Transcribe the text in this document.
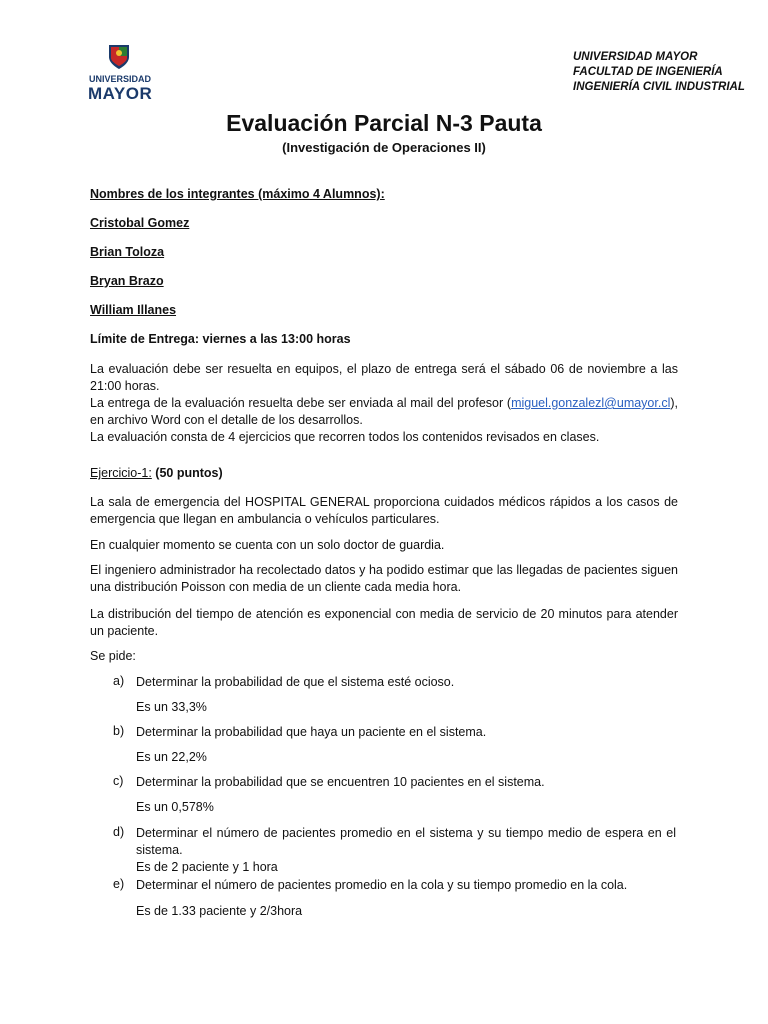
UNIVERSIDAD
MAYOR
UNIVERSIDAD MAYOR
FACULTAD DE INGENIERÍA
INGENIERÍA CIVIL INDUSTRIAL
Evaluación Parcial N-3 Pauta
(Investigación de Operaciones II)
Nombres de los integrantes (máximo 4 Alumnos):
Cristobal Gomez
Brian Toloza
Bryan Brazo
William Illanes
Límite de Entrega: viernes a las 13:00 horas
La evaluación debe ser resuelta en equipos, el plazo de entrega será el sábado 06 de noviembre a las 21:00 horas.
La entrega de la evaluación resuelta debe ser enviada al mail del profesor (miguel.gonzalezl@umayor.cl), en archivo Word con el detalle de los desarrollos.
La evaluación consta de 4 ejercicios que recorren todos los contenidos revisados en clases.
Ejercicio-1: (50 puntos)
La sala de emergencia del HOSPITAL GENERAL proporciona cuidados médicos rápidos a los casos de emergencia que llegan en ambulancia o vehículos particulares.
En cualquier momento se cuenta con un solo doctor de guardia.
El ingeniero administrador ha recolectado datos y ha podido estimar que las llegadas de pacientes siguen una distribución Poisson con media de un cliente cada media hora.
La distribución del tiempo de atención es exponencial con media de servicio de 20 minutos para atender un paciente.
Se pide:
a) Determinar la probabilidad de que el sistema esté ocioso.
Es un 33,3%
b) Determinar la probabilidad que haya un paciente en el sistema.
Es un 22,2%
c) Determinar la probabilidad que se encuentren 10 pacientes en el sistema.
Es un 0,578%
d) Determinar el número de pacientes promedio en el sistema y su tiempo medio de espera en el sistema.
Es de 2 paciente y 1 hora
e) Determinar el número de pacientes promedio en la cola y su tiempo promedio en la cola.
Es de 1.33 paciente y 2/3hora
